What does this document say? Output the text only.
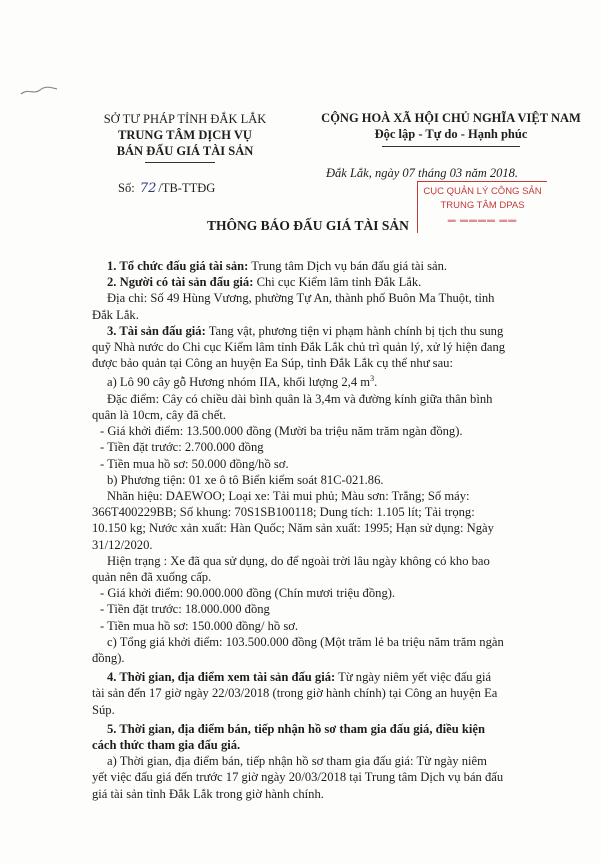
SỞ TƯ PHÁP TỈNH ĐẮK LẮK
TRUNG TÂM DỊCH VỤ
BÁN ĐẤU GIÁ TÀI SẢN
Số: 72 /TB-TTĐG
CỘNG HOÀ XÃ HỘI CHỦ NGHĨA VIỆT NAM
Độc lập - Tự do - Hạnh phúc
Đắk Lắk, ngày 07 tháng 03 năm 2018.
CỤC QUẢN LÝ CÔNG SẢN
TRUNG TÂM DPAS
▬ ▬▬▬▬ ▬▬
THÔNG BÁO ĐẤU GIÁ TÀI SẢN

1. Tổ chức đấu giá tài sản: Trung tâm Dịch vụ bán đấu giá tài sản.

2. Người có tài sản đấu giá: Chi cục Kiểm lâm tỉnh Đắk Lắk.

Địa chỉ: Số 49 Hùng Vương, phường Tự An, thành phố Buôn Ma Thuột, tỉnh

Đắk Lắk.

3. Tài sản đấu giá: Tang vật, phương tiện vi phạm hành chính bị tịch thu sung

quỹ Nhà nước do Chi cục Kiểm lâm tỉnh Đắk Lắk chủ trì quản lý, xử lý hiện đang

được bảo quản tại Công an huyện Ea Súp, tỉnh Đắk Lắk cụ thể như sau:

a) Lô 90 cây gỗ Hương nhóm IIA, khối lượng 2,4 $m^3$.

Đặc điểm: Cây có chiều dài bình quân là 3,4m và đường kính giữa thân bình

quân là 10cm, cây đã chết.

- Giá khởi điểm: 13.500.000 đồng (Mười ba triệu năm trăm ngàn đồng).

- Tiền đặt trước: 2.700.000 đồng

- Tiền mua hồ sơ: 50.000 đồng/hồ sơ.

b) Phương tiện: 01 xe ô tô Biển kiểm soát 81C-021.86.

Nhãn hiệu: DAEWOO; Loại xe: Tải mui phủ; Màu sơn: Trắng; Số máy:

366T400229BB; Số khung: 70S1SB100118; Dung tích: 1.105 lít; Tải trọng:

10.150 kg; Nước xản xuất: Hàn Quốc; Năm sản xuất: 1995; Hạn sử dụng: Ngày

31/12/2020.

Hiện trạng : Xe đã qua sử dụng, do để ngoài trời lâu ngày không có kho bao

quản nên đã xuống cấp.

- Giá khởi điểm: 90.000.000 đồng (Chín mươi triệu đồng).

- Tiền đặt trước: 18.000.000 đồng

- Tiền mua hồ sơ: 150.000 đồng/ hồ sơ.

c) Tổng giá khởi điểm: 103.500.000 đồng (Một trăm lẻ ba triệu năm trăm ngàn

đồng).

4. Thời gian, địa điểm xem tài sản đấu giá: Từ ngày niêm yết việc đấu giá

tài sản đến 17 giờ ngày 22/03/2018 (trong giờ hành chính) tại Công an huyện Ea

Súp.

5. Thời gian, địa điểm bán, tiếp nhận hồ sơ tham gia đấu giá, điều kiện

cách thức tham gia đấu giá.

a) Thời gian, địa điểm bán, tiếp nhận hồ sơ tham gia đấu giá: Từ ngày niêm

yết việc đấu giá đến trước 17 giờ ngày 20/03/2018 tại Trung tâm Dịch vụ bán đấu

giá tài sản tỉnh Đắk Lắk trong giờ hành chính.
